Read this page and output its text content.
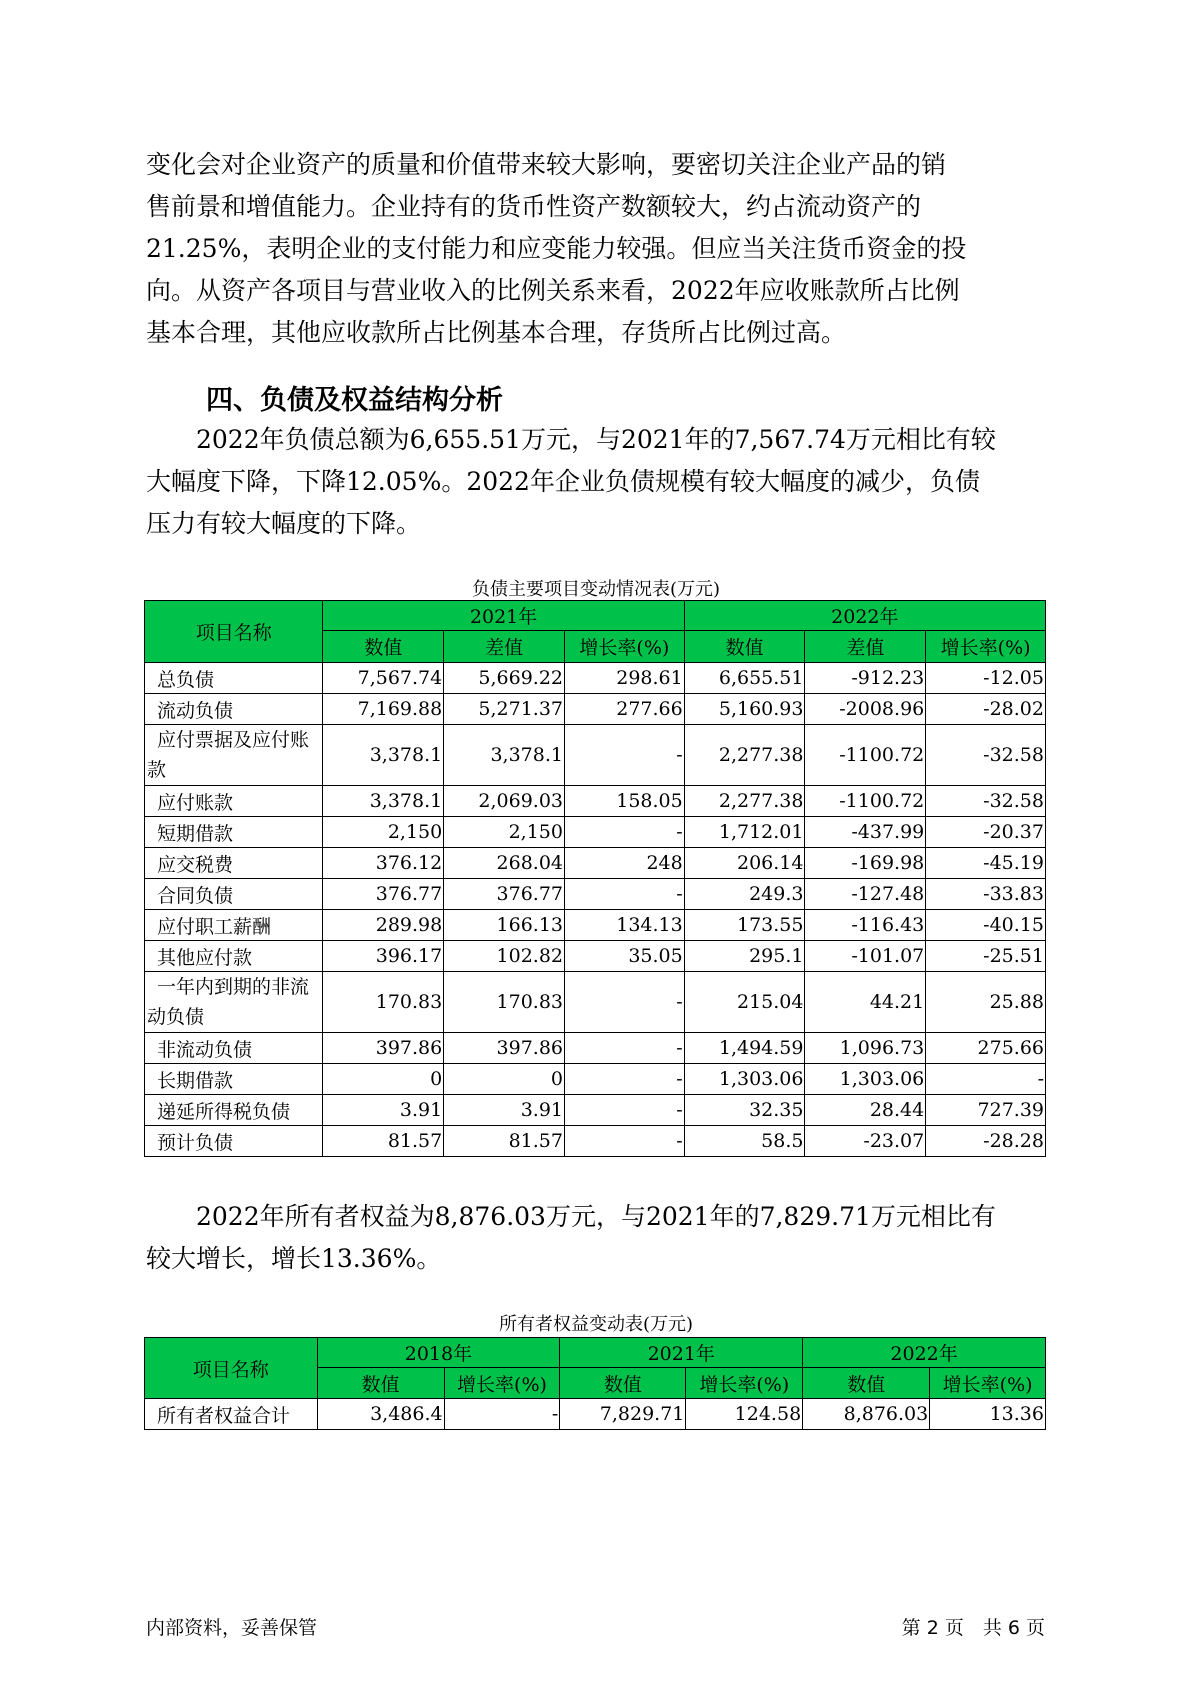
变化会对企业资产的质量和价值带来较大影响，要密切关注企业产品的销
售前景和增值能力。企业持有的货币性资产数额较大，约占流动资产的
21.25%，表明企业的支付能力和应变能力较强。但应当关注货币资金的投
向。从资产各项目与营业收入的比例关系来看，2022年应收账款所占比例
基本合理，其他应收款所占比例基本合理，存货所占比例过高。
四、负债及权益结构分析
　　2022年负债总额为6,655.51万元，与2021年的7,567.74万元相比有较
大幅度下降，下降12.05%。2022年企业负债规模有较大幅度的减少，负债
压力有较大幅度的下降。
负债主要项目变动情况表(万元)
项目名称	2021年			2022年		
	数值	差值	增长率(%)	数值	差值	增长率(%)
总负债	7,567.74	5,669.22	298.61	6,655.51	-912.23	-12.05
流动负债	7,169.88	5,271.37	277.66	5,160.93	-2008.96	-28.02

应付票据及应付账
款	3,378.1	3,378.1	-	2,277.38	-1100.72	-32.58
应付账款	3,378.1	2,069.03	158.05	2,277.38	-1100.72	-32.58
短期借款	2,150	2,150	-	1,712.01	-437.99	-20.37
应交税费	376.12	268.04	248	206.14	-169.98	-45.19
合同负债	376.77	376.77	-	249.3	-127.48	-33.83
应付职工薪酬	289.98	166.13	134.13	173.55	-116.43	-40.15
其他应付款	396.17	102.82	35.05	295.1	-101.07	-25.51

一年内到期的非流
动负债	170.83	170.83	-	215.04	44.21	25.88
非流动负债	397.86	397.86	-	1,494.59	1,096.73	275.66
长期借款	0	0	-	1,303.06	1,303.06	-
递延所得税负债	3.91	3.91	-	32.35	28.44	727.39
预计负债	81.57	81.57	-	58.5	-23.07	-28.28
　　2022年所有者权益为8,876.03万元，与2021年的7,829.71万元相比有
较大增长，增长13.36%。
所有者权益变动表(万元)
项目名称	2018年		2021年		2022年	
	数值	增长率(%)	数值	增长率(%)	数值	增长率(%)
所有者权益合计	3,486.4	-	7,829.71	124.58	8,876.03	13.36
内部资料，妥善保管	第 2 页　共 6 页
